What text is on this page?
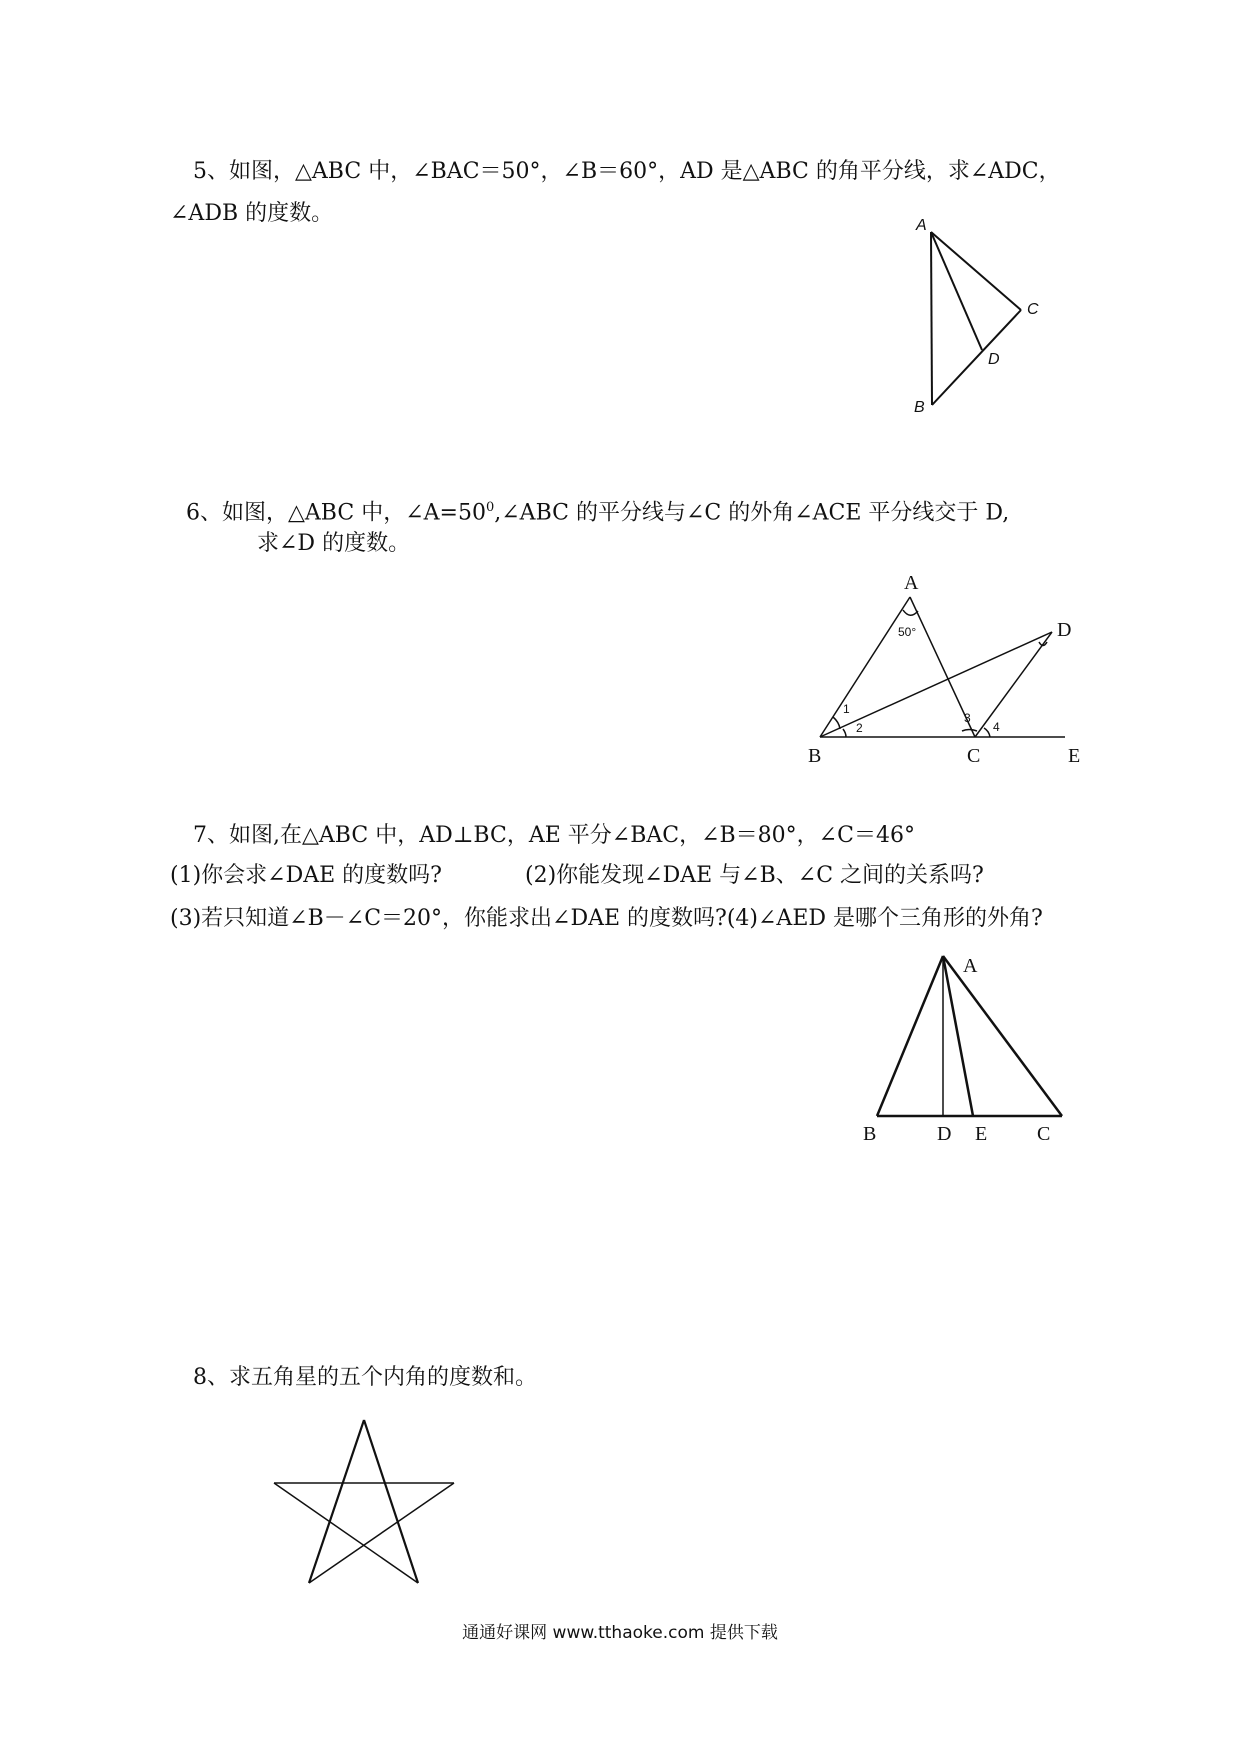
5、如图，△ABC 中，∠BAC＝50°，∠B＝60°，AD 是△ABC 的角平分线，求∠ADC，
∠ADB 的度数。	A
B
C
D
6、如图，△ABC 中，$\angle A=50^0,\angle ABC$ 的平分线与∠C 的外角∠ACE 平分线交于 D,
求∠D 的度数。
A
B	C
D
E
50°
1
2
3
4
7、如图,在△ABC 中，AD⊥BC，AE 平分∠BAC，∠B＝80°，∠C＝46°
(1)你会求∠DAE 的度数吗?	(2)你能发现∠DAE 与∠B、∠C 之间的关系吗?
(3)若只知道∠B－∠C＝20°，你能求出∠DAE 的度数吗?(4)∠AED 是哪个三角形的外角?
A
B	D E C
8、求五角星的五个内角的度数和。
通通好课网 www.tthaoke.com 提供下载
